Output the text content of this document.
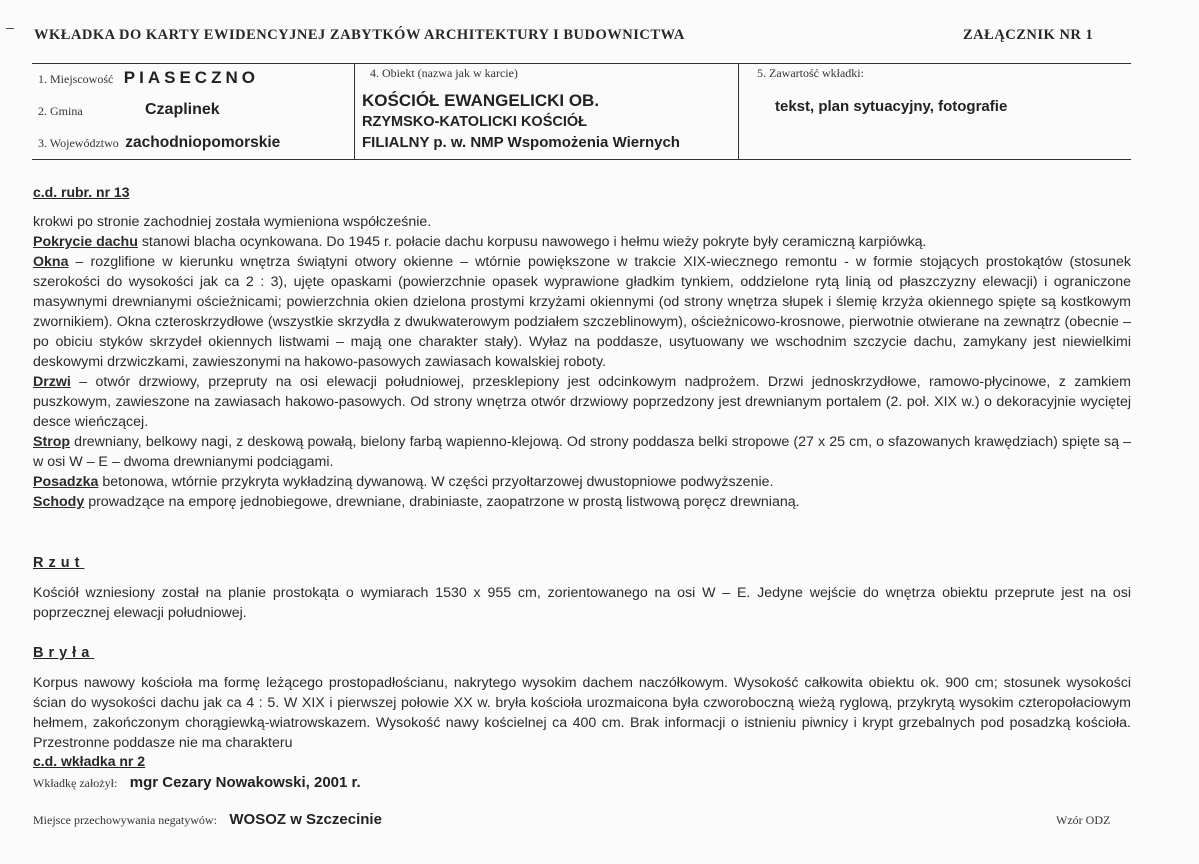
WKŁADKA DO KARTY EWIDENCYJNEJ ZABYTKÓW ARCHITEKTURY I BUDOWNICTWA	ZAŁĄCZNIK NR 1
1. Miejscowość PIASECZNO
2. Gmina	Czaplinek
3. Województwo zachodniopomorskie
4. Obiekt (nazwa jak w karcie)
KOŚCIÓŁ EWANGELICKI OB.
RZYMSKO-KATOLICKI KOŚCIÓŁ
FILIALNY p. w. NMP Wspomożenia Wiernych
5. Zawartość wkładki:
tekst, plan sytuacyjny, fotografie
c.d. rubr. nr 13

krokwi po stronie zachodniej została wymieniona współcześnie.

Pokrycie dachu stanowi blacha ocynkowana. Do 1945 r. połacie dachu korpusu nawowego i hełmu wieży pokryte były ceramiczną karpiówką.

Okna – rozglifione w kierunku wnętrza świątyni otwory okienne – wtórnie powiększone w trakcie XIX-wiecznego remontu - w formie stojących prostokątów (stosunek szerokości do wysokości jak ca 2 : 3), ujęte opaskami (powierzchnie opasek wyprawione gładkim tynkiem, oddzielone rytą linią od płaszczyzny elewacji) i ograniczone masywnymi drewnianymi ościeżnicami; powierzchnia okien dzielona prostymi krzyżami okiennymi (od strony wnętrza słupek i ślemię krzyża okiennego spięte są kostkowym zwornikiem). Okna czteroskrzydłowe (wszystkie skrzydła z dwukwaterowym podziałem szczeblinowym), ościeżnicowo-krosnowe, pierwotnie otwierane na zewnątrz (obecnie – po obiciu styków skrzydeł okiennych listwami – mają one charakter stały). Wyłaz na poddasze, usytuowany we wschodnim szczycie dachu, zamykany jest niewielkimi deskowymi drzwiczkami, zawieszonymi na hakowo-pasowych zawiasach kowalskiej roboty.

Drzwi – otwór drzwiowy, przepruty na osi elewacji południowej, przesklepiony jest odcinkowym nadprożem. Drzwi jednoskrzydłowe, ramowo-płycinowe, z zamkiem puszkowym, zawieszone na zawiasach hakowo-pasowych. Od strony wnętrza otwór drzwiowy poprzedzony jest drewnianym portalem (2. poł. XIX w.) o dekoracyjnie wyciętej desce wieńczącej.

Strop drewniany, belkowy nagi, z deskową powałą, bielony farbą wapienno-klejową. Od strony poddasza belki stropowe (27 x 25 cm, o sfazowanych krawędziach) spięte są – w osi W – E – dwoma drewnianymi podciągami.

Posadzka betonowa, wtórnie przykryta wykładziną dywanową. W części przyołtarzowej dwustopniowe podwyższenie.

Schody prowadzące na emporę jednobiegowe, drewniane, drabiniaste, zaopatrzone w prostą listwową poręcz drewnianą.

Rzut

Kościół wzniesiony został na planie prostokąta o wymiarach 1530 x 955 cm, zorientowanego na osi W – E. Jedyne wejście do wnętrza obiektu przeprute jest na osi poprzecznej elewacji południowej.

Bryła

Korpus nawowy kościoła ma formę leżącego prostopadłościanu, nakrytego wysokim dachem naczółkowym. Wysokość całkowita obiektu ok. 900 cm; stosunek wysokości ścian do wysokości dachu jak ca 4 : 5. W XIX i pierwszej połowie XX w. bryła kościoła urozmaicona była czworoboczną wieżą ryglową, przykrytą wysokim czteropołaciowym hełmem, zakończonym chorągiewką-wiatrowskazem. Wysokość nawy kościelnej ca 400 cm. Brak informacji o istnieniu piwnicy i krypt grzebalnych pod posadzką kościoła. Przestronne poddasze nie ma charakteru

c.d. wkładka nr 2
Wkładkę założył: mgr Cezary Nowakowski, 2001 r.
Miejsce przechowywania negatywów: WOSOZ w Szczecinie	Wzór ODZ
